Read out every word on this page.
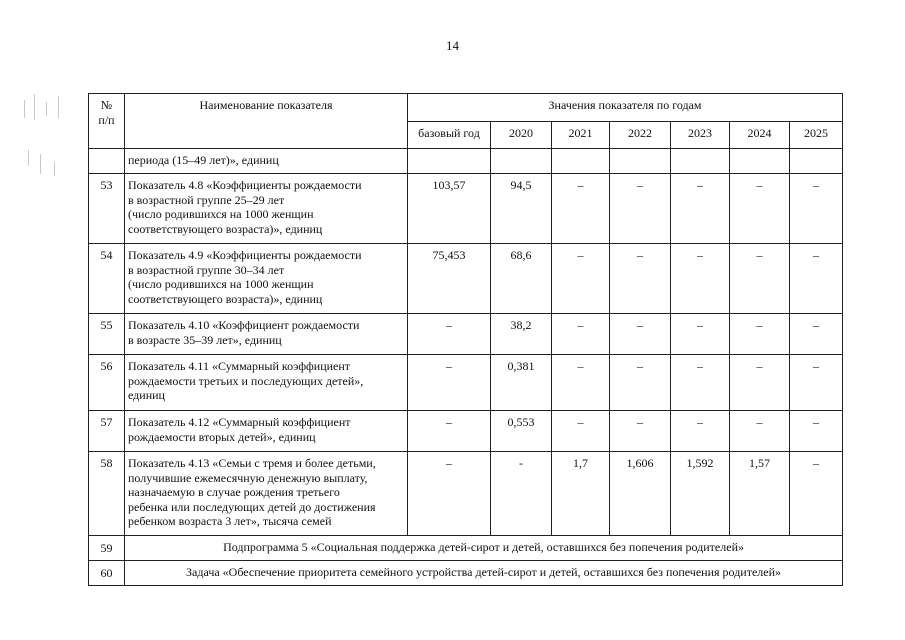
14
№
п/п	Наименование показателя	Значения показателя по годам						
		базовый год	2020	2021	2022	2023	2024	2025

	периода (15–49 лет)», единиц							

53	Показатель 4.8 «Коэффициенты рождаемости
в возрастной группе 25–29 лет
(число родившихся на 1000 женщин
соответствующего возраста)», единиц	103,57	94,5	–	–	–	–	–
54	Показатель 4.9 «Коэффициенты рождаемости
в возрастной группе 30–34 лет
(число родившихся на 1000 женщин
соответствующего возраста)», единиц	75,453	68,6	–	–	–	–	–
55	Показатель 4.10 «Коэффициент рождаемости
в возрасте 35–39 лет», единиц	–	38,2	–	–	–	–	–
56	Показатель 4.11 «Суммарный коэффициент
рождаемости третьих и последующих детей»,
единиц	–	0,381	–	–	–	–	–
57	Показатель 4.12 «Суммарный коэффициент
рождаемости вторых детей», единиц	–	0,553	–	–	–	–	–
58	Показатель 4.13 «Семьи с тремя и более детьми,
получившие ежемесячную денежную выплату,
назначаемую в случае рождения третьего
ребенка или последующих детей до достижения
ребенком возраста 3 лет», тысяча семей	–	-	1,7	1,606	1,592	1,57	–
59	Подпрограмма 5 «Социальная поддержка детей-сирот и детей, оставшихся без попечения родителей»							
60	Задача «Обеспечение приоритета семейного устройства детей-сирот и детей, оставшихся без попечения родителей»							
